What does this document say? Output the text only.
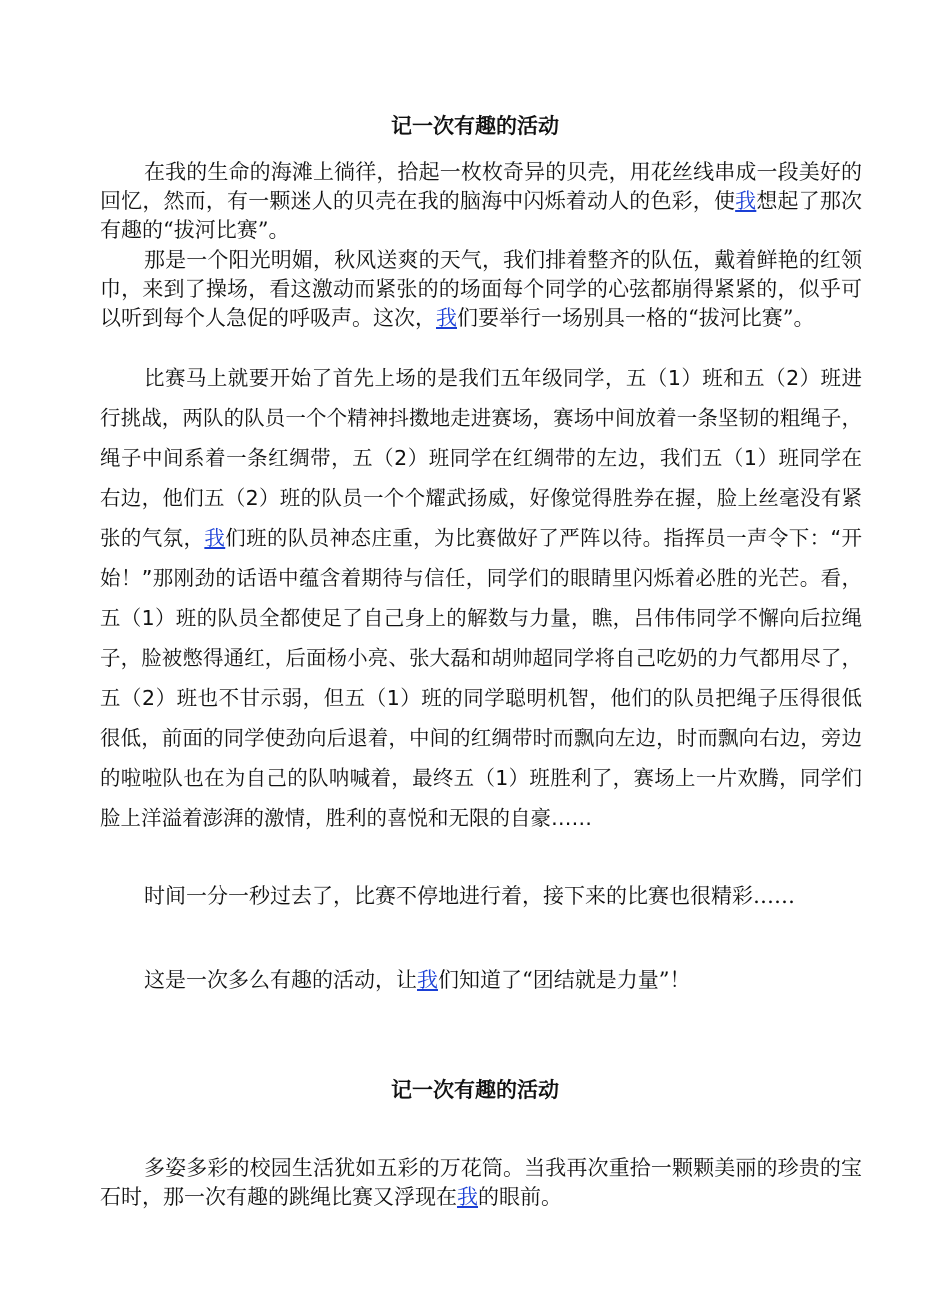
记一次有趣的活动

在我的生命的海滩上徜徉，拾起一枚枚奇异的贝壳，用花丝线串成一段美好的回忆，然而，有一颗迷人的贝壳在我的脑海中闪烁着动人的色彩，使我想起了那次有趣的“拔河比赛”。

那是一个阳光明媚，秋风送爽的天气，我们排着整齐的队伍，戴着鲜艳的红领巾，来到了操场，看这激动而紧张的的场面每个同学的心弦都崩得紧紧的，似乎可以听到每个人急促的呼吸声。这次，我们要举行一场别具一格的“拔河比赛”。

比赛马上就要开始了首先上场的是我们五年级同学，五（1）班和五（2）班进行挑战，两队的队员一个个精神抖擞地走进赛场，赛场中间放着一条坚韧的粗绳子，绳子中间系着一条红绸带，五（2）班同学在红绸带的左边，我们五（1）班同学在右边，他们五（2）班的队员一个个耀武扬威，好像觉得胜券在握，脸上丝毫没有紧张的气氛，我们班的队员神态庄重，为比赛做好了严阵以待。指挥员一声令下：“开始！”那刚劲的话语中蕴含着期待与信任，同学们的眼睛里闪烁着必胜的光芒。看，五（1）班的队员全都使足了自己身上的解数与力量，瞧，吕伟伟同学不懈向后拉绳子，脸被憋得通红，后面杨小亮、张大磊和胡帅超同学将自己吃奶的力气都用尽了，五（2）班也不甘示弱，但五（1）班的同学聪明机智，他们的队员把绳子压得很低很低，前面的同学使劲向后退着，中间的红绸带时而飘向左边，时而飘向右边，旁边的啦啦队也在为自己的队呐喊着，最终五（1）班胜利了，赛场上一片欢腾，同学们脸上洋溢着澎湃的激情，胜利的喜悦和无限的自豪……

时间一分一秒过去了，比赛不停地进行着，接下来的比赛也很精彩……

这是一次多么有趣的活动，让我们知道了“团结就是力量”！

记一次有趣的活动

多姿多彩的校园生活犹如五彩的万花筒。当我再次重拾一颗颗美丽的珍贵的宝石时，那一次有趣的跳绳比赛又浮现在我的眼前。
